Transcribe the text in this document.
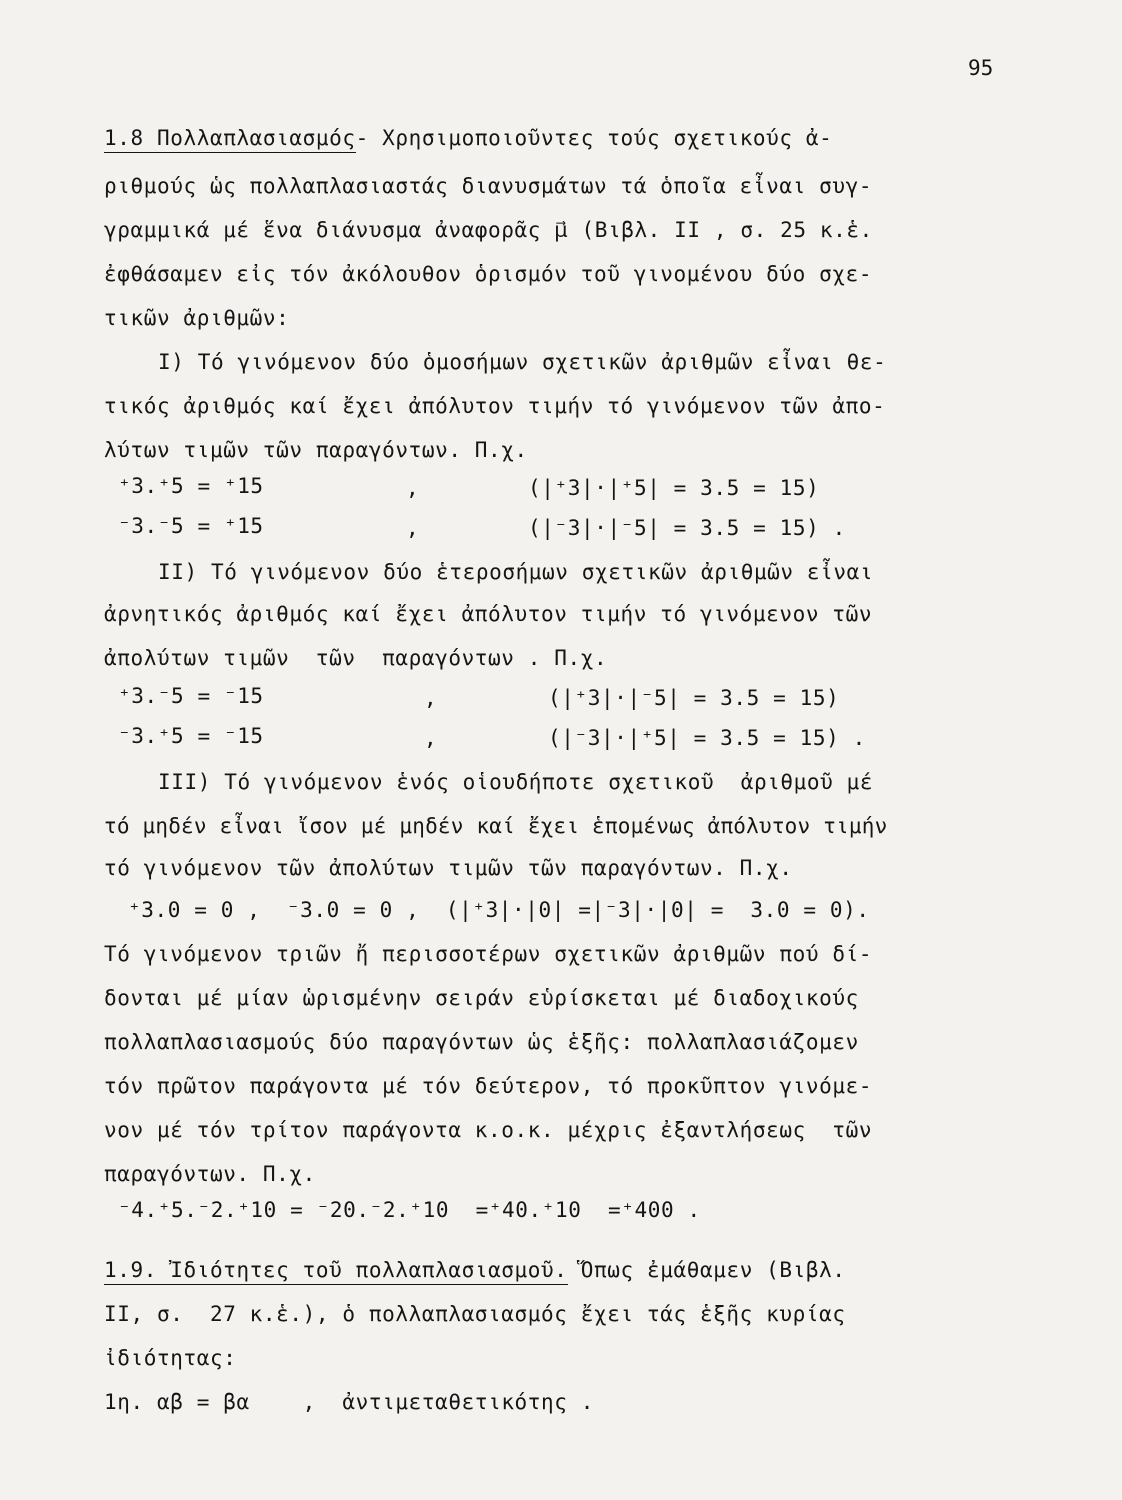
95
1.8 Πολλαπλασιασμός- Χρησιμοποιοῦντες τούς σχετικούς ἀ-
ριθμούς ὡς πολλαπλασιαστάς διανυσμάτων τά ὁποῖα εἶναι συγ-
γραμμικά μέ ἕνα διάνυσμα ἀναφορᾶς μ⃗ (Βιβλ. ΙΙ , σ. 25 κ.ἑ.
ἐφθάσαμεν εἰς τόν ἀκόλουθον ὁρισμόν τοῦ γινομένου δύο σχε-
τικῶν ἀριθμῶν:
Ι) Τό γινόμενον δύο ὁμοσήμων σχετικῶν ἀριθμῶν εἶναι θε-
τικός ἀριθμός καί ἔχει ἀπόλυτον τιμήν τό γινόμενον τῶν ἀπο-
λύτων τιμῶν τῶν παραγόντων. Π.χ.
⁺3.⁺5 = ⁺15	,	(|⁺3|·|⁺5| = 3.5 = 15)
⁻3.⁻5 = ⁺15	,	(|⁻3|·|⁻5| = 3.5 = 15) .
ΙΙ) Τό γινόμενον δύο ἑτεροσήμων σχετικῶν ἀριθμῶν εἶναι
ἀρνητικός ἀριθμός καί ἔχει ἀπόλυτον τιμήν τό γινόμενον τῶν
ἀπολύτων τιμῶν  τῶν  παραγόντων . Π.χ.
⁺3.⁻5 = ⁻15	,	(|⁺3|·|⁻5| = 3.5 = 15)
⁻3.⁺5 = ⁻15	,	(|⁻3|·|⁺5| = 3.5 = 15) .
ΙΙΙ) Τό γινόμενον ἑνός οἱουδήποτε σχετικοῦ  ἀριθμοῦ μέ
τό μηδέν εἶναι ἴσον μέ μηδέν καί ἔχει ἑπομένως ἀπόλυτον τιμήν
τό γινόμενον τῶν ἀπολύτων τιμῶν τῶν παραγόντων. Π.χ.
⁺3.0 = 0 ,  ⁻3.0 = 0 ,  (|⁺3|·|0| =|⁻3|·|0| =  3.0 = 0).
Τό γινόμενον τριῶν ἤ περισσοτέρων σχετικῶν ἀριθμῶν πού δί-
δονται μέ μίαν ὡρισμένην σειράν εὑρίσκεται μέ διαδοχικούς
πολλαπλασιασμούς δύο παραγόντων ὡς ἑξῆς: πολλαπλασιάζομεν
τόν πρῶτον παράγοντα μέ τόν δεύτερον, τό προκῦπτον γινόμε-
νον μέ τόν τρίτον παράγοντα κ.ο.κ. μέχρις ἐξαντλήσεως  τῶν
παραγόντων. Π.χ.
⁻4.⁺5.⁻2.⁺10 = ⁻20.⁻2.⁺10  =⁺40.⁺10  =⁺400 .
1.9. Ἰδιότητες τοῦ πολλαπλασιασμοῦ. Ὅπως ἐμάθαμεν (Βιβλ.
ΙΙ, σ.  27 κ.ἑ.), ὁ πολλαπλασιασμός ἔχει τάς ἑξῆς κυρίας
ἰδιότητας:
1η. αβ = βα	,  ἀντιμεταθετικότης .
